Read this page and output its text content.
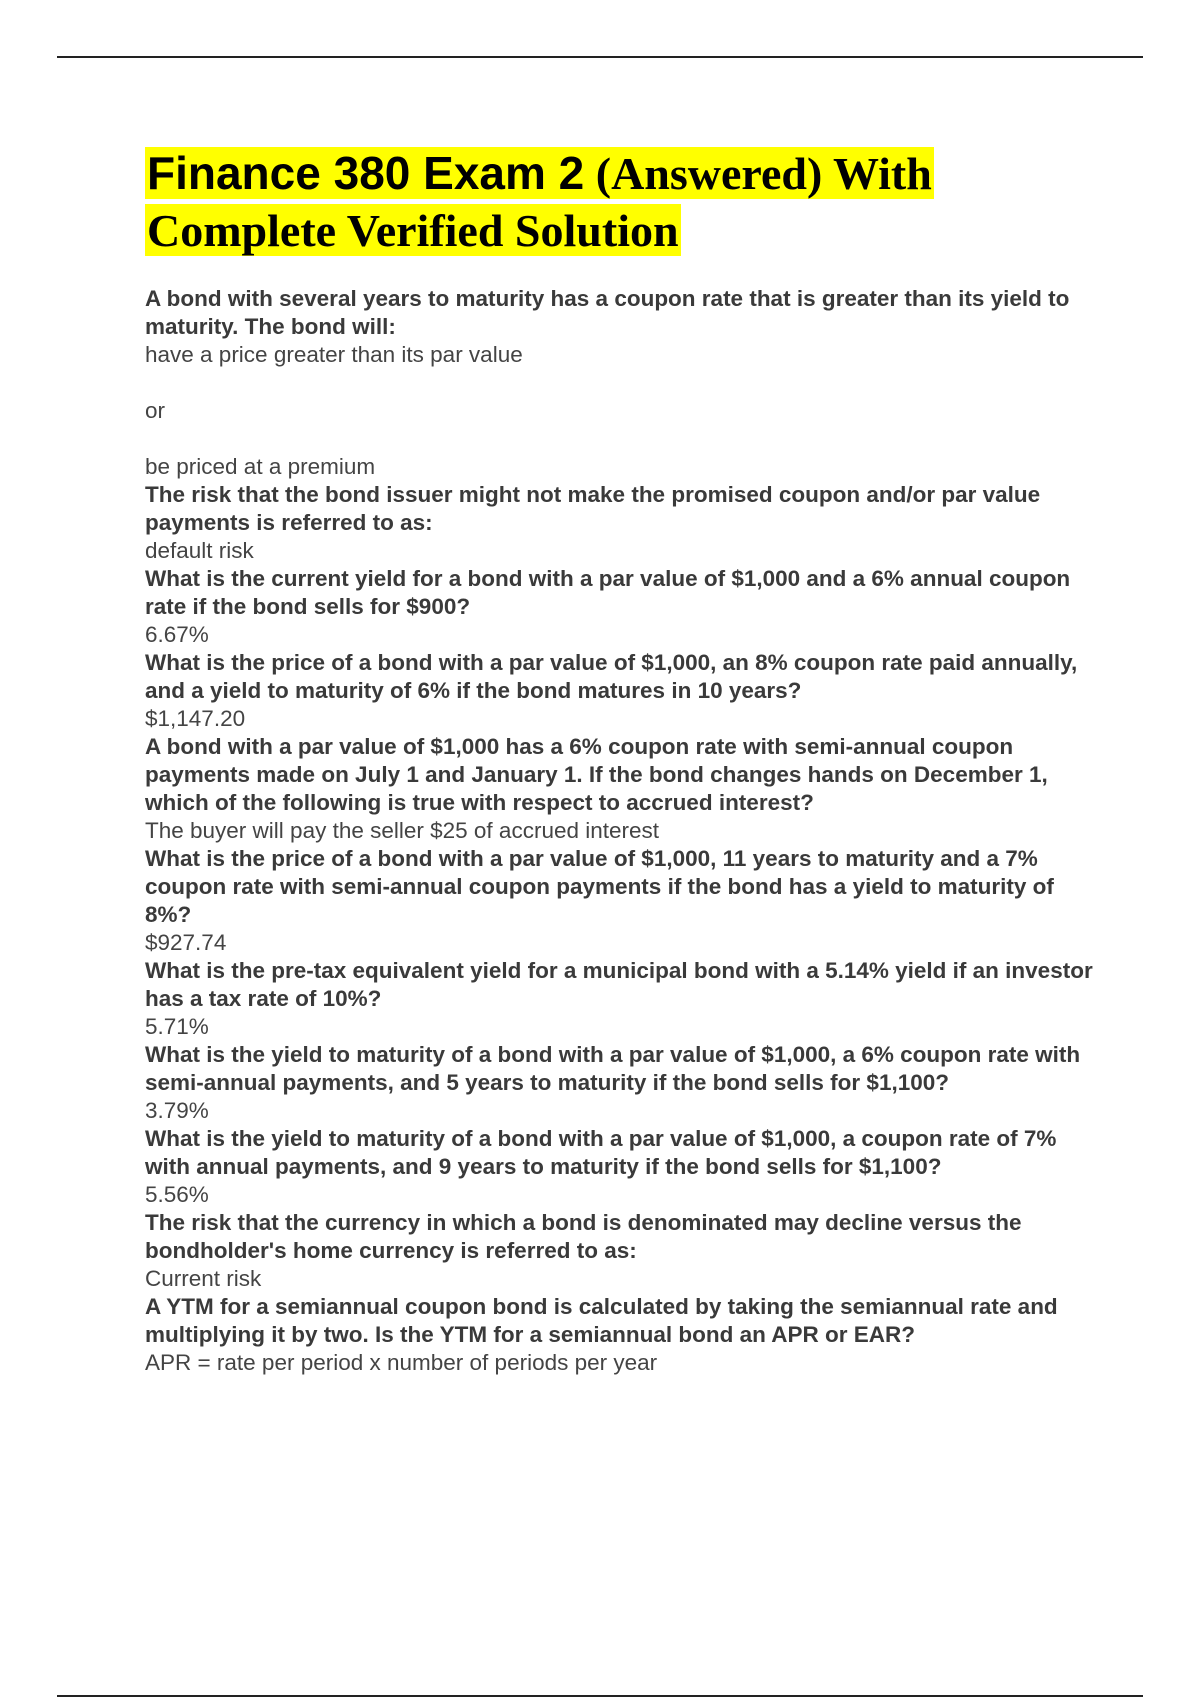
Finance 380 Exam 2 (Answered) With Complete Verified Solution

A bond with several years to maturity has a coupon rate that is greater than its yield to maturity. The bond will:

have a price greater than its par value

or

be priced at a premium

The risk that the bond issuer might not make the promised coupon and/or par value payments is referred to as:

default risk

What is the current yield for a bond with a par value of $1,000 and a 6% annual coupon rate if the bond sells for $900?

6.67%

What is the price of a bond with a par value of $1,000, an 8% coupon rate paid annually, and a yield to maturity of 6% if the bond matures in 10 years?

$1,147.20

A bond with a par value of $1,000 has a 6% coupon rate with semi-annual coupon payments made on July 1 and January 1. If the bond changes hands on December 1, which of the following is true with respect to accrued interest?

The buyer will pay the seller $25 of accrued interest

What is the price of a bond with a par value of $1,000, 11 years to maturity and a 7% coupon rate with semi-annual coupon payments if the bond has a yield to maturity of 8%?

$927.74

What is the pre-tax equivalent yield for a municipal bond with a 5.14% yield if an investor has a tax rate of 10%?

5.71%

What is the yield to maturity of a bond with a par value of $1,000, a 6% coupon rate with semi-annual payments, and 5 years to maturity if the bond sells for $1,100?

3.79%

What is the yield to maturity of a bond with a par value of $1,000, a coupon rate of 7% with annual payments, and 9 years to maturity if the bond sells for $1,100?

5.56%

The risk that the currency in which a bond is denominated may decline versus the bondholder's home currency is referred to as:

Current risk

A YTM for a semiannual coupon bond is calculated by taking the semiannual rate and multiplying it by two. Is the YTM for a semiannual bond an APR or EAR?

APR = rate per period x number of periods per year
